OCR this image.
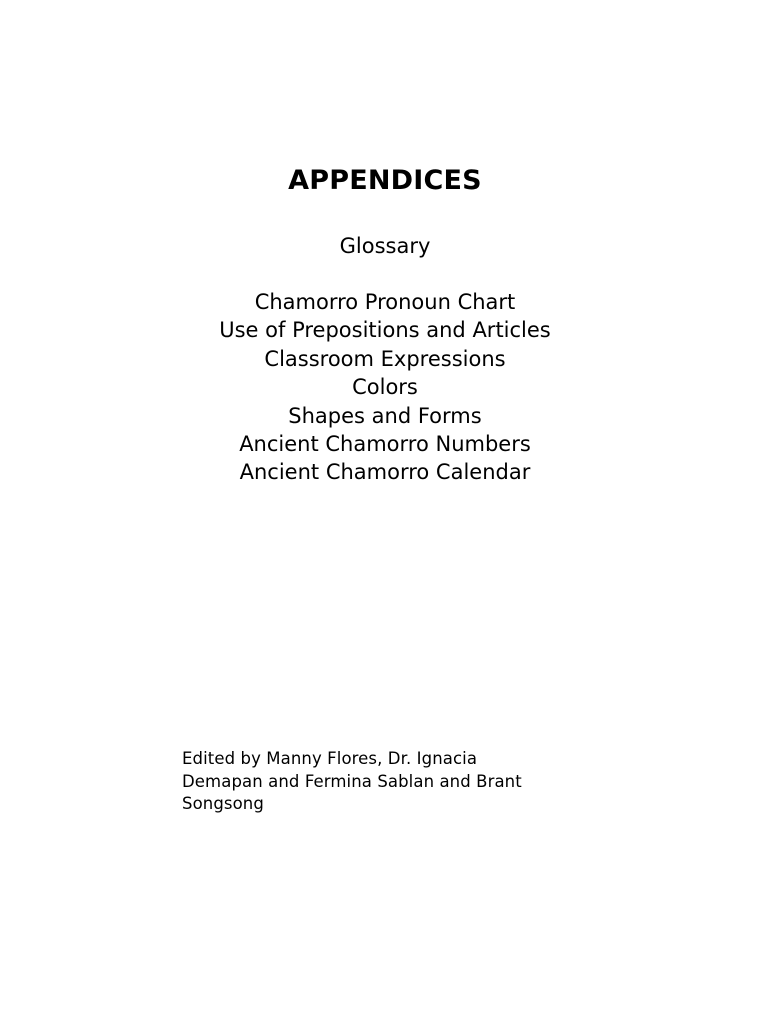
APPENDICES
Glossary
Chamorro Pronoun Chart
Use of Prepositions and Articles
Classroom Expressions
Colors
Shapes and Forms
Ancient Chamorro Numbers
Ancient Chamorro Calendar
Edited by Manny Flores, Dr. Ignacia
Demapan and Fermina Sablan and Brant
Songsong
